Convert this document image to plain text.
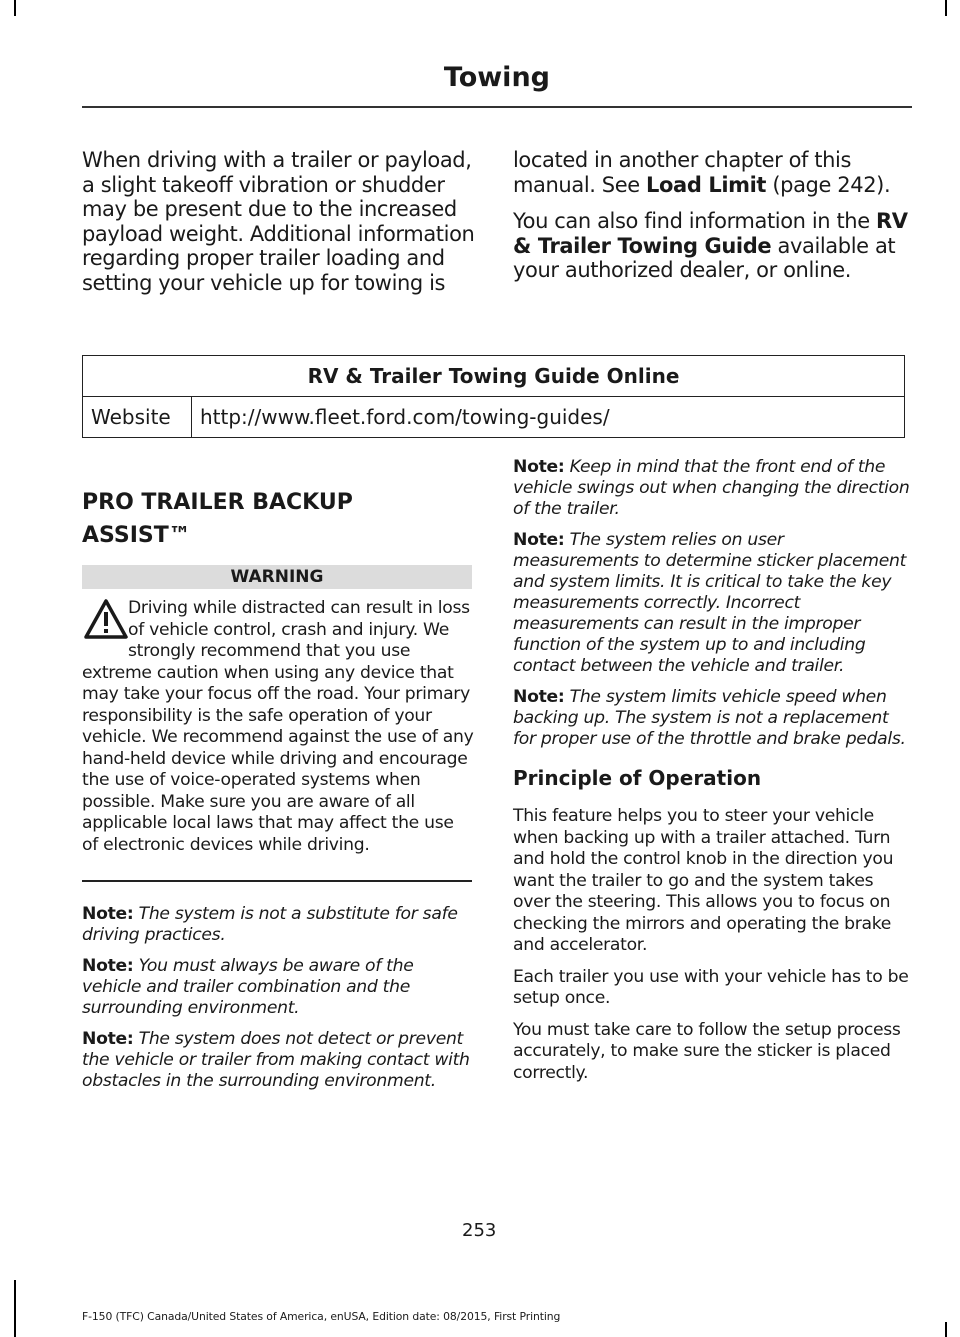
Towing

When driving with a trailer or payload, a slight takeoff vibration or shudder may be present due to the increased payload weight. Additional information regarding proper trailer loading and setting your vehicle up for towing is

located in another chapter of this manual. See Load Limit (page 242).

You can also find information in the RV & Trailer Towing Guide available at your authorized dealer, or online.

RV & Trailer Towing Guide Online
Website	http://www.fleet.ford.com/towing-guides/
PRO TRAILER BACKUP
ASSIST™
WARNING

Driving while distracted can result in loss of vehicle control, crash and injury. We strongly recommend that you use extreme caution when using any device that may take your focus off the road. Your primary responsibility is the safe operation of your vehicle. We recommend against the use of any hand-held device while driving and encourage the use of voice-operated systems when possible. Make sure you are aware of all applicable local laws that may affect the use of electronic devices while driving.

Note: The system is not a substitute for safe driving practices.

Note: You must always be aware of the vehicle and trailer combination and the surrounding environment.

Note: The system does not detect or prevent the vehicle or trailer from making contact with obstacles in the surrounding environment.

Note: Keep in mind that the front end of the vehicle swings out when changing the direction of the trailer.

Note: The system relies on user measurements to determine sticker placement and system limits. It is critical to take the key measurements correctly. Incorrect measurements can result in the improper function of the system up to and including contact between the vehicle and trailer.

Note: The system limits vehicle speed when backing up. The system is not a replacement for proper use of the throttle and brake pedals.

Principle of Operation

This feature helps you to steer your vehicle when backing up with a trailer attached. Turn and hold the control knob in the direction you want the trailer to go and the system takes over the steering. This allows you to focus on checking the mirrors and operating the brake and accelerator.

Each trailer you use with your vehicle has to be setup once.

You must take care to follow the setup process accurately, to make sure the sticker is placed correctly.

253
F-150 (TFC) Canada/United States of America, enUSA, Edition date: 08/2015, First Printing
